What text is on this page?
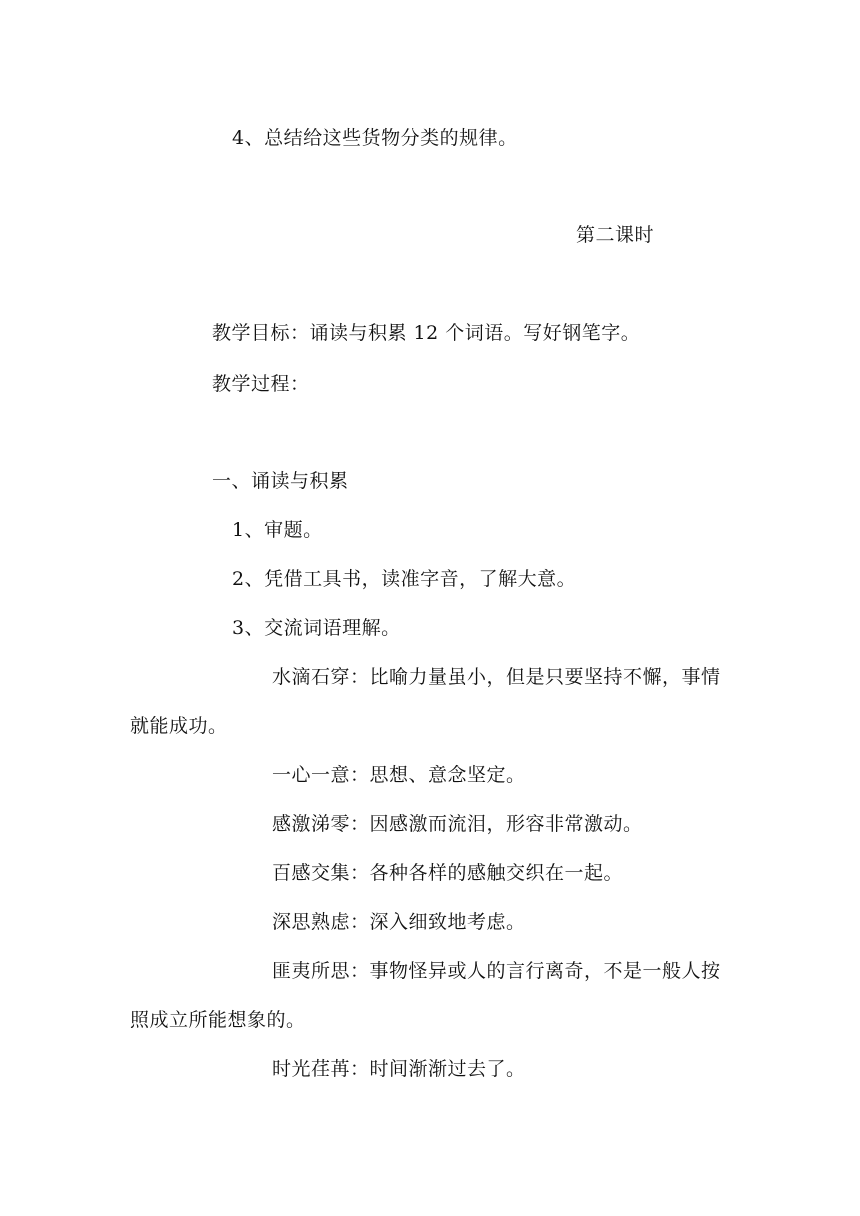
4、总结给这些货物分类的规律。
第二课时
教学目标：诵读与积累 12 个词语。写好钢笔字。
教学过程：
一、诵读与积累
1、审题。
2、凭借工具书，读准字音，了解大意。
3、交流词语理解。
水滴石穿：比喻力量虽小，但是只要坚持不懈，事情
就能成功。
一心一意：思想、意念坚定。
感激涕零：因感激而流泪，形容非常激动。
百感交集：各种各样的感触交织在一起。
深思熟虑：深入细致地考虑。
匪夷所思：事物怪异或人的言行离奇，不是一般人按
照成立所能想象的。
时光荏苒：时间渐渐过去了。
